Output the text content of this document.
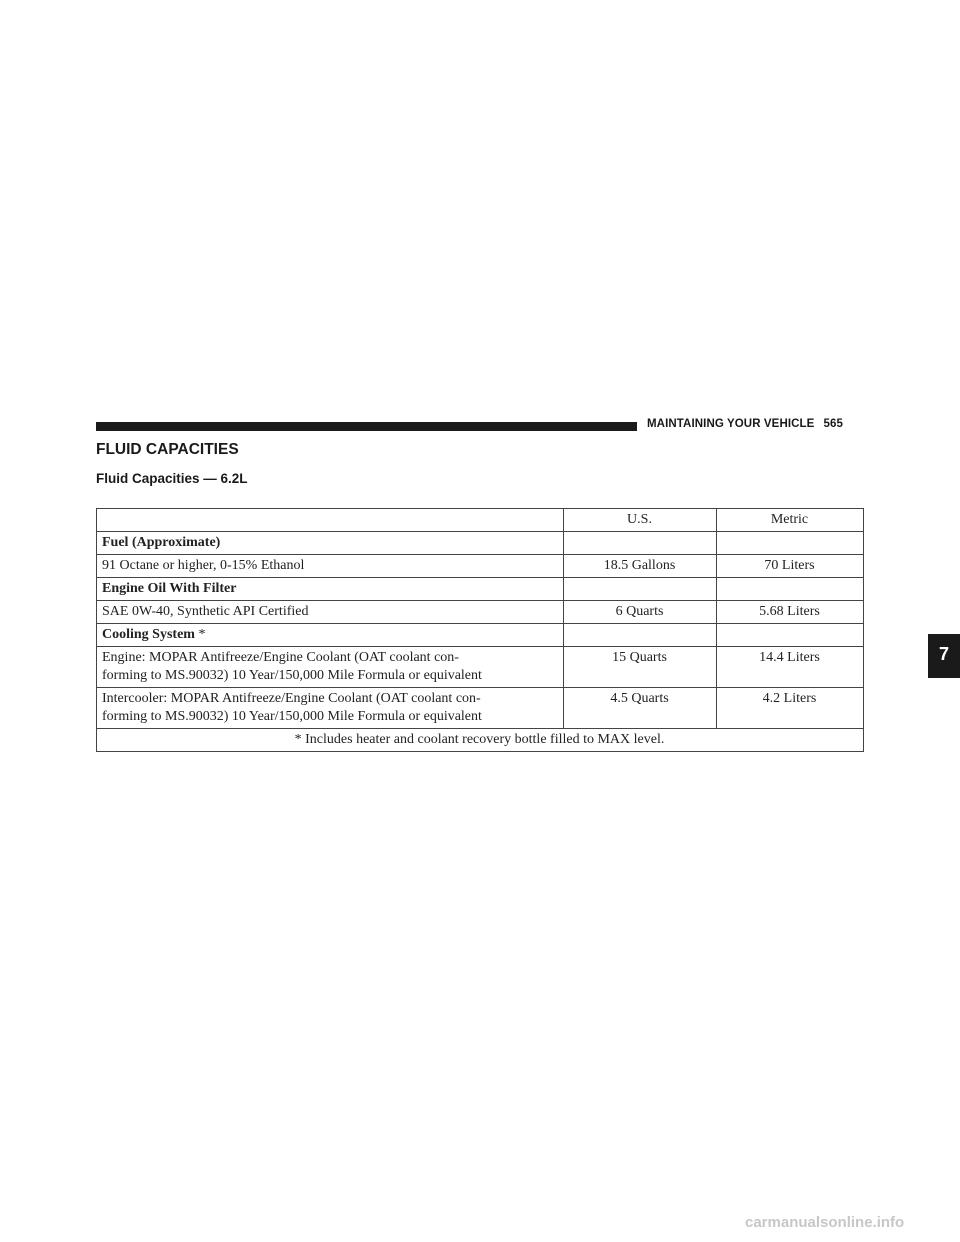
MAINTAINING YOUR VEHICLE 565
FLUID CAPACITIES
Fluid Capacities — 6.2L
	U.S.	Metric
Fuel (Approximate)		
91 Octane or higher, 0-15% Ethanol	18.5 Gallons	70 Liters
Engine Oil With Filter		
SAE 0W-40, Synthetic API Certified	6 Quarts	5.68 Liters
Cooling System *		
Engine: MOPAR Antifreeze/Engine Coolant (OAT coolant con-
forming to MS.90032) 10 Year/150,000 Mile Formula or equivalent	15 Quarts	14.4 Liters
Intercooler: MOPAR Antifreeze/Engine Coolant (OAT coolant con-
forming to MS.90032) 10 Year/150,000 Mile Formula or equivalent	4.5 Quarts	4.2 Liters
* Includes heater and coolant recovery bottle filled to MAX level.		
7
carmanualsonline.info
